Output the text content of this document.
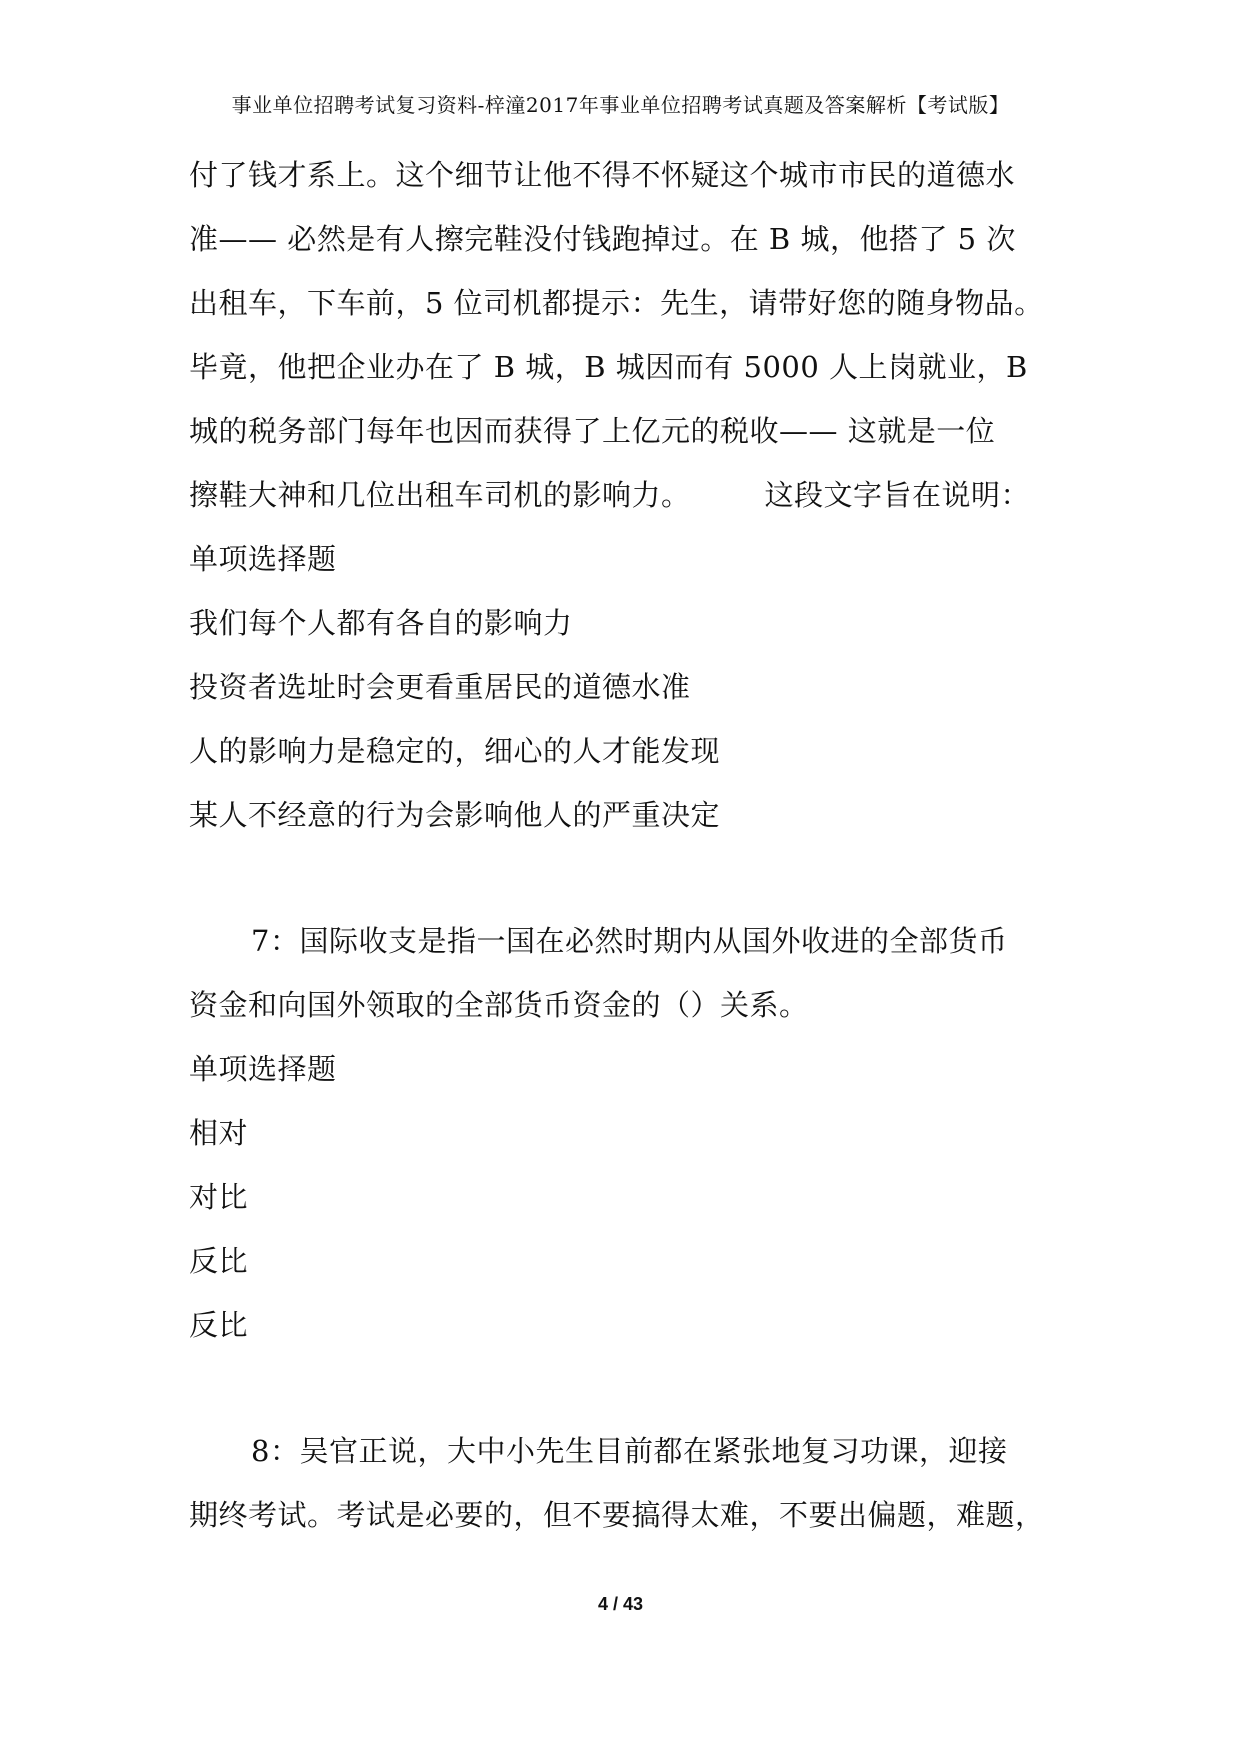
事业单位招聘考试复习资料-梓潼2017年事业单位招聘考试真题及答案解析【考试版】
付了钱才系上。这个细节让他不得不怀疑这个城市市民的道德水
准—— 必然是有人擦完鞋没付钱跑掉过。在 B 城，他搭了 5 次
出租车，下车前，5 位司机都提示：先生，请带好您的随身物品。
毕竟，他把企业办在了 B 城，B 城因而有 5000 人上岗就业，B
城的税务部门每年也因而获得了上亿元的税收—— 这就是一位
擦鞋大神和几位出租车司机的影响力。　　　这段文字旨在说明：
单项选择题
我们每个人都有各自的影响力
投资者选址时会更看重居民的道德水准
人的影响力是稳定的，细心的人才能发现
某人不经意的行为会影响他人的严重决定
7：国际收支是指一国在必然时期内从国外收进的全部货币
资金和向国外领取的全部货币资金的（）关系。
单项选择题
相对
对比
反比
反比
8：吴官正说，大中小先生目前都在紧张地复习功课，迎接
期终考试。考试是必要的，但不要搞得太难，不要出偏题，难题，
4 / 43
